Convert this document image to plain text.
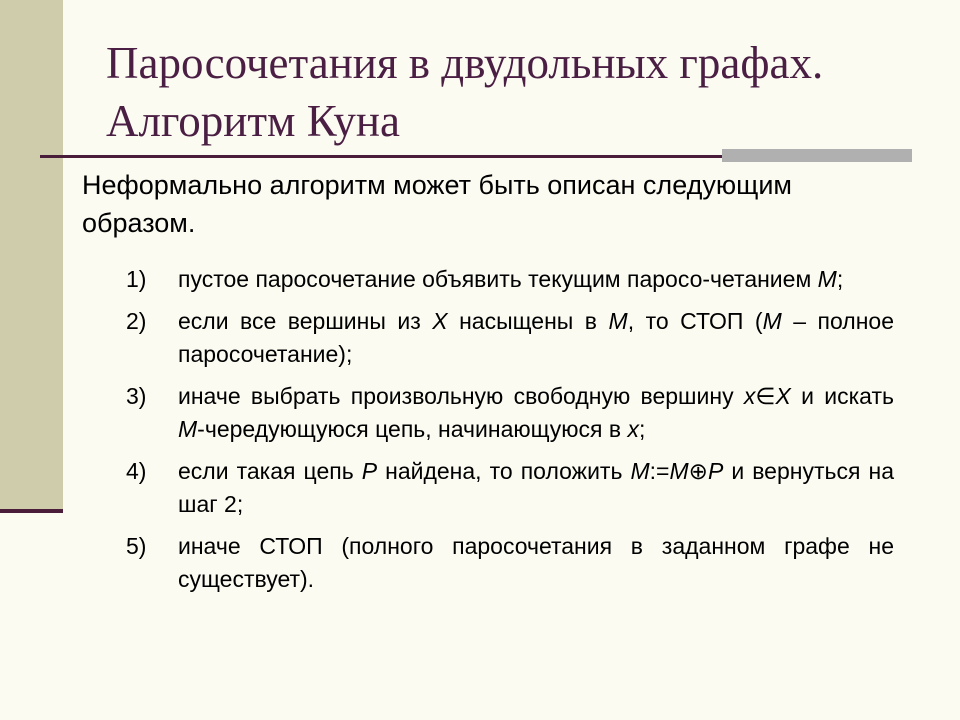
Паросочетания в двудольных графах. Алгоритм Куна

Неформально алгоритм может быть описан следующим образом.

1)	пустое паросочетание объявить текущим паросо-четанием M;
2)	если все вершины из X насыщены в M, то СТОП (M – полное паросочетание);
3)	иначе выбрать произвольную свободную вершину x∈X и искать M-чередующуюся цепь, начинающуюся в x;
4)	если такая цепь P найдена, то положить M:=M⊕P и вернуться на шаг 2;
5)	иначе СТОП (полного паросочетания в заданном графе не существует).
